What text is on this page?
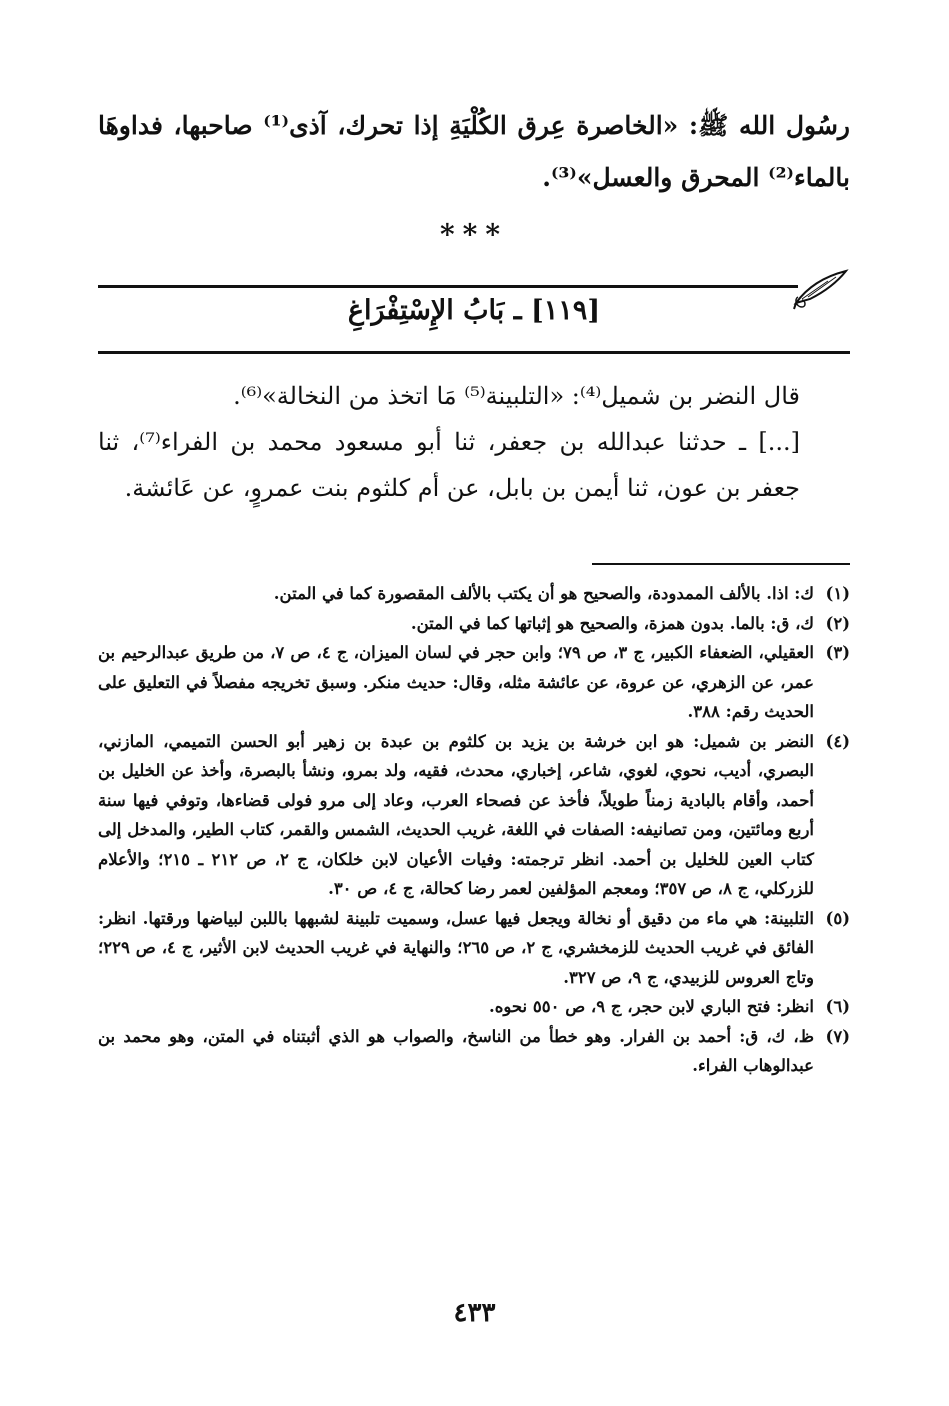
رسُول الله ﷺ: «الخاصرة عِرق الكُلْيَةِ إذا تحرك، آذى⁽¹⁾ صاحبها، فداوهَا بالماء⁽²⁾ المحرق والعسل»⁽³⁾.

***
[١١٩] ـ بَابُ الإِسْتِفْرَاغِ

قال النضر بن شميل⁽⁴⁾: «التلبينة⁽⁵⁾ مَا اتخذ من النخالة»⁽⁶⁾.

[...] ـ حدثنا عبدالله بن جعفر، ثنا أبو مسعود محمد بن الفراء⁽⁷⁾، ثنا جعفر بن عون، ثنا أيمن بن بابل، عن أم كلثوم بنت عمروٍ، عن عَائشة.

(١)
ك: اذا. بالألف الممدودة، والصحيح هو أن يكتب بالألف المقصورة كما في المتن.
(٢)
ك، ق: بالما. بدون همزة، والصحيح هو إثباتها كما في المتن.
(٣)
العقيلي، الضعفاء الكبير، ج ٣، ص ٧٩؛ وابن حجر في لسان الميزان، ج ٤، ص ٧، من طريق عبدالرحيم بن عمر، عن الزهري، عن عروة، عن عائشة مثله، وقال: حديث منكر. وسبق تخريجه مفصلاً في التعليق على الحديث رقم: ٣٨٨.
(٤)
النضر بن شميل: هو ابن خرشة بن يزيد بن كلثوم بن عبدة بن زهير أبو الحسن التميمي، المازني، البصري، أديب، نحوي، لغوي، شاعر، إخباري، محدث، فقيه، ولد بمرو، ونشأ بالبصرة، وأخذ عن الخليل بن أحمد، وأقام بالبادية زمناً طويلاً، فأخذ عن فصحاء العرب، وعاد إلى مرو فولى قضاءها، وتوفي فيها سنة أربع ومائتين، ومن تصانيفه: الصفات في اللغة، غريب الحديث، الشمس والقمر، كتاب الطير، والمدخل إلى كتاب العين للخليل بن أحمد. انظر ترجمته: وفيات الأعيان لابن خلكان، ج ٢، ص ٢١٢ ـ ٢١٥؛ والأعلام للزركلي، ج ٨، ص ٣٥٧؛ ومعجم المؤلفين لعمر رضا كحالة، ج ٤، ص ٣٠.
(٥)
التلبينة: هي ماء من دقيق أو نخالة ويجعل فيها عسل، وسميت تلبينة لشبهها باللبن لبياضها ورقتها. انظر: الفائق في غريب الحديث للزمخشري، ج ٢، ص ٢٦٥؛ والنهاية في غريب الحديث لابن الأثير، ج ٤، ص ٢٢٩؛ وتاج العروس للزبيدي، ج ٩، ص ٣٢٧.
(٦)
انظر: فتح الباري لابن حجر، ج ٩، ص ٥٥٠ نحوه.
(٧)
ظ، ك، ق: أحمد بن الفرار. وهو خطأ من الناسخ، والصواب هو الذي أثبتناه في المتن، وهو محمد بن عبدالوهاب الفراء.
٤٣٣
